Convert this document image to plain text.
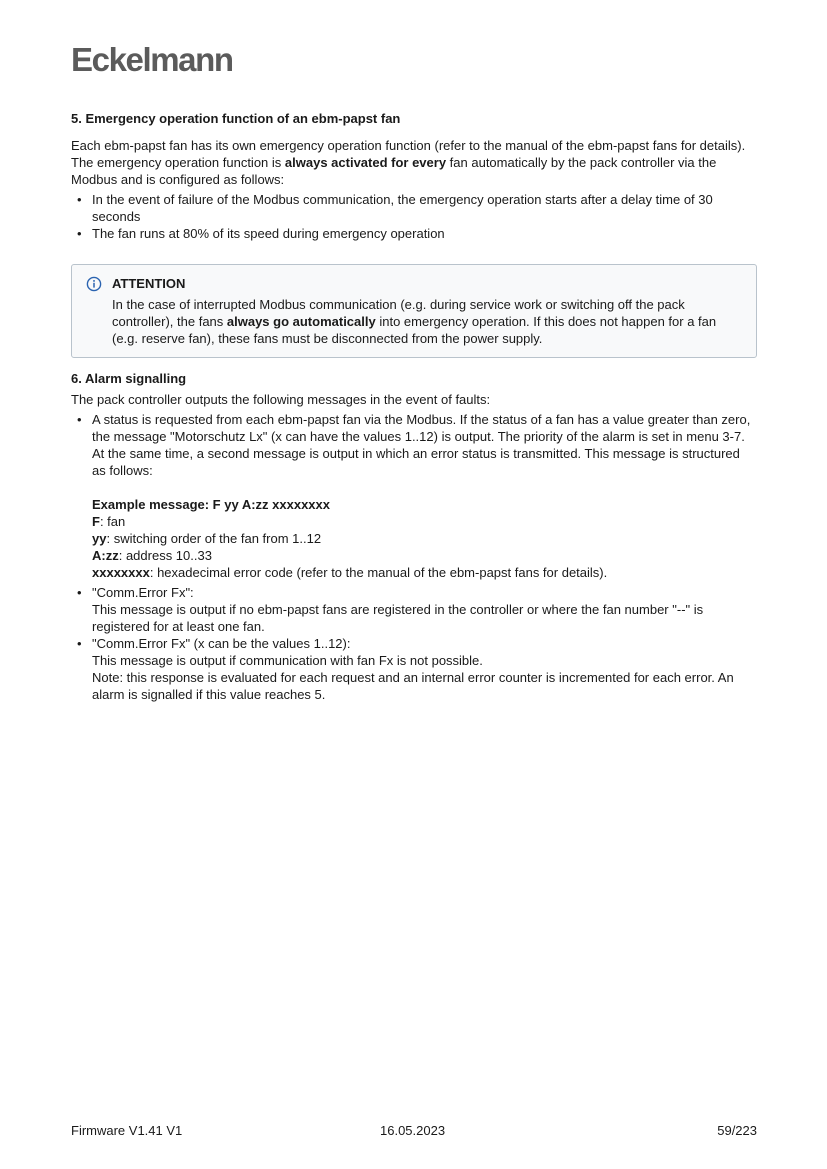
Eckelmann
5. Emergency operation function of an ebm-papst fan

Each ebm-papst fan has its own emergency operation function (refer to the manual of the ebm-papst fans for details). The emergency operation function is always activated for every fan automatically by the pack controller via the Modbus and is configured as follows:

• In the event of failure of the Modbus communication, the emergency operation starts after a delay time of 30 seconds
• The fan runs at 80% of its speed during emergency operation
ATTENTION

In the case of interrupted Modbus communication (e.g. during service work or switching off the pack controller), the fans always go automatically into emergency operation. If this does not happen for a fan (e.g. reserve fan), these fans must be disconnected from the power supply.

6. Alarm signalling

The pack controller outputs the following messages in the event of faults:

• A status is requested from each ebm-papst fan via the Modbus. If the status of a fan has a value greater than zero, the message "Motorschutz Lx" (x can have the values 1..12) is output. The priority of the alarm is set in menu 3-7.
At the same time, a second message is output in which an error status is transmitted. This message is structured as follows:
Example message: F yy A:zz xxxxxxxx
F: fan
yy: switching order of the fan from 1..12
A:zz: address 10..33
xxxxxxxx: hexadecimal error code (refer to the manual of the ebm-papst fans for details).
• "Comm.Error Fx":
This message is output if no ebm-papst fans are registered in the controller or where the fan number "--" is registered for at least one fan.
• "Comm.Error Fx" (x can be the values 1..12):
This message is output if communication with fan Fx is not possible.
Note: this response is evaluated for each request and an internal error counter is incremented for each error. An alarm is signalled if this value reaches 5.
Firmware V1.41 V1	16.05.2023	59/223
